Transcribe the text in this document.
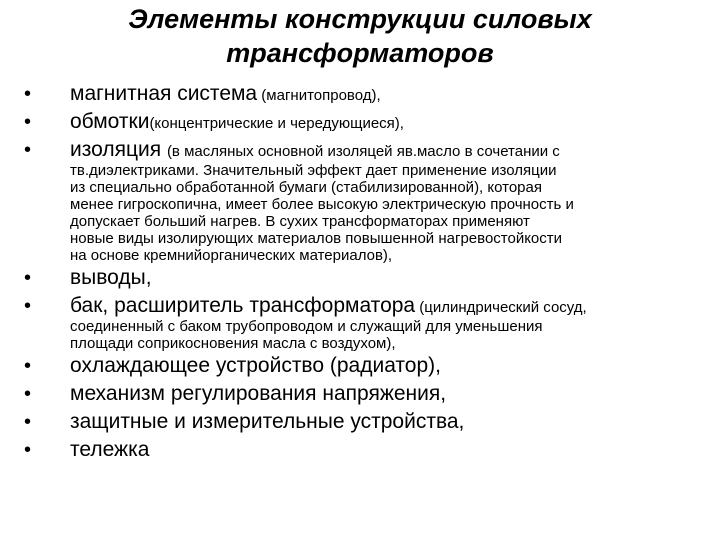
Элементы конструкции силовых
трансформаторов
• магнитная система (магнитопровод),
• обмотки(концентрические и чередующиеся),
• изоляция (в масляных основной изоляцей яв.масло в сочетании с
тв.диэлектриками. Значительный эффект дает применение изоляции
из специально обработанной бумаги (стабилизированной), которая
менее гигроскопична, имеет более высокую электрическую прочность и
допускает больший нагрев. В сухих трансформаторах применяют
новые виды изолирующих материалов повышенной нагревостойкости
на основе кремнийорганических материалов),
• выводы,
• бак, расширитель трансформатора (цилиндрический сосуд,
соединенный с баком трубопроводом и служащий для уменьшения
площади соприкосновения масла с воздухом),
• охлаждающее устройство (радиатор),
• механизм регулирования напряжения,
• защитные и измерительные устройства,
• тележка
